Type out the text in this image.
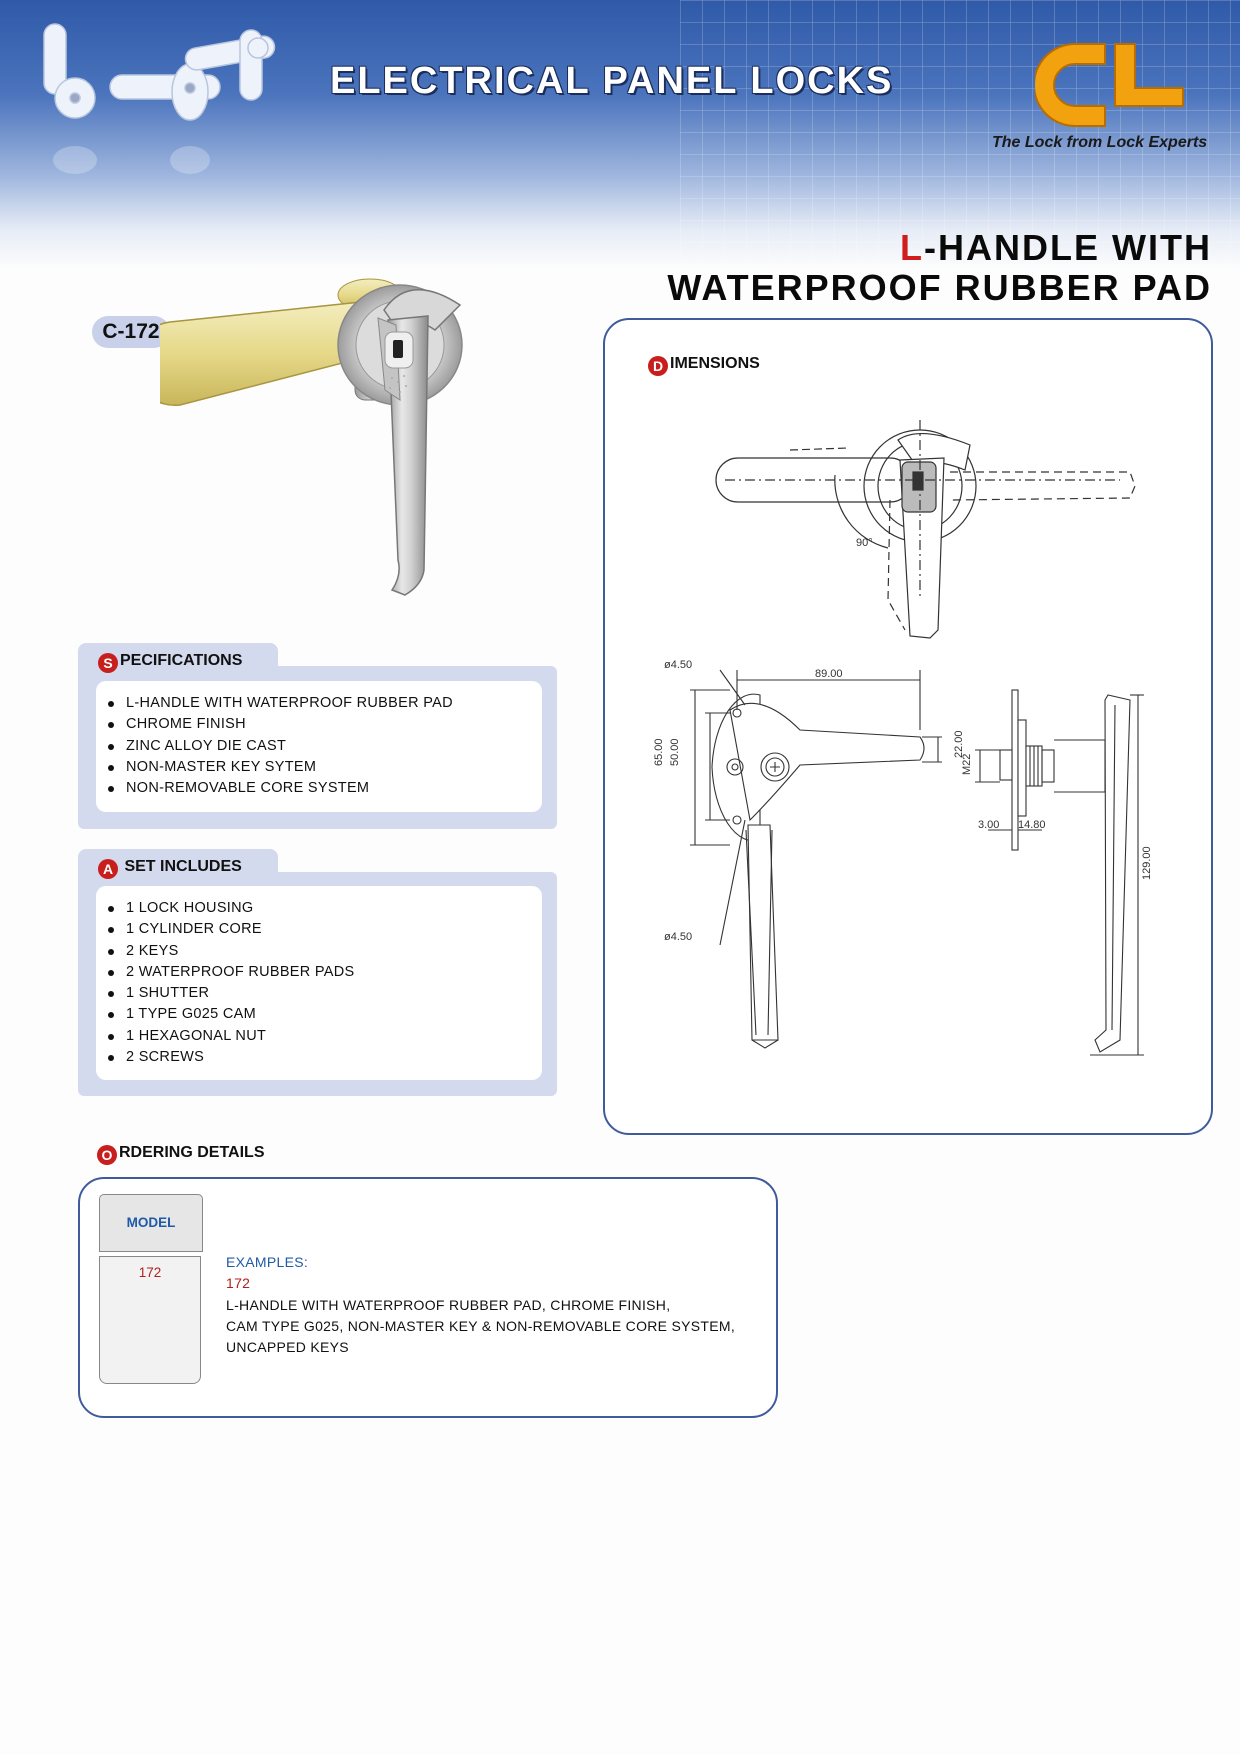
ELECTRICAL PANEL LOCKS
The Lock from Lock Experts
L-HANDLE WITH
WATERPROOF RUBBER PAD
C-172
S PECIFICATIONS
L-HANDLE WITH WATERPROOF RUBBER PAD
CHROME FINISH
ZINC ALLOY DIE CAST
NON-MASTER KEY SYTEM
NON-REMOVABLE CORE SYSTEM
A SET INCLUDES
1 LOCK HOUSING
1 CYLINDER CORE
2 KEYS
2 WATERPROOF RUBBER PADS
1 SHUTTER
1 TYPE G025 CAM
1 HEXAGONAL NUT
2 SCREWS
D IMENSIONS
90°
65.00 50.00
89.00
22.00
ø4.50
ø4.50
M22
3.00 14.80
129.00
O RDERING DETAILS
MODEL
172
EXAMPLES:
172
L-HANDLE WITH WATERPROOF RUBBER PAD, CHROME FINISH,
CAM TYPE G025, NON-MASTER KEY & NON-REMOVABLE CORE SYSTEM,
UNCAPPED KEYS
